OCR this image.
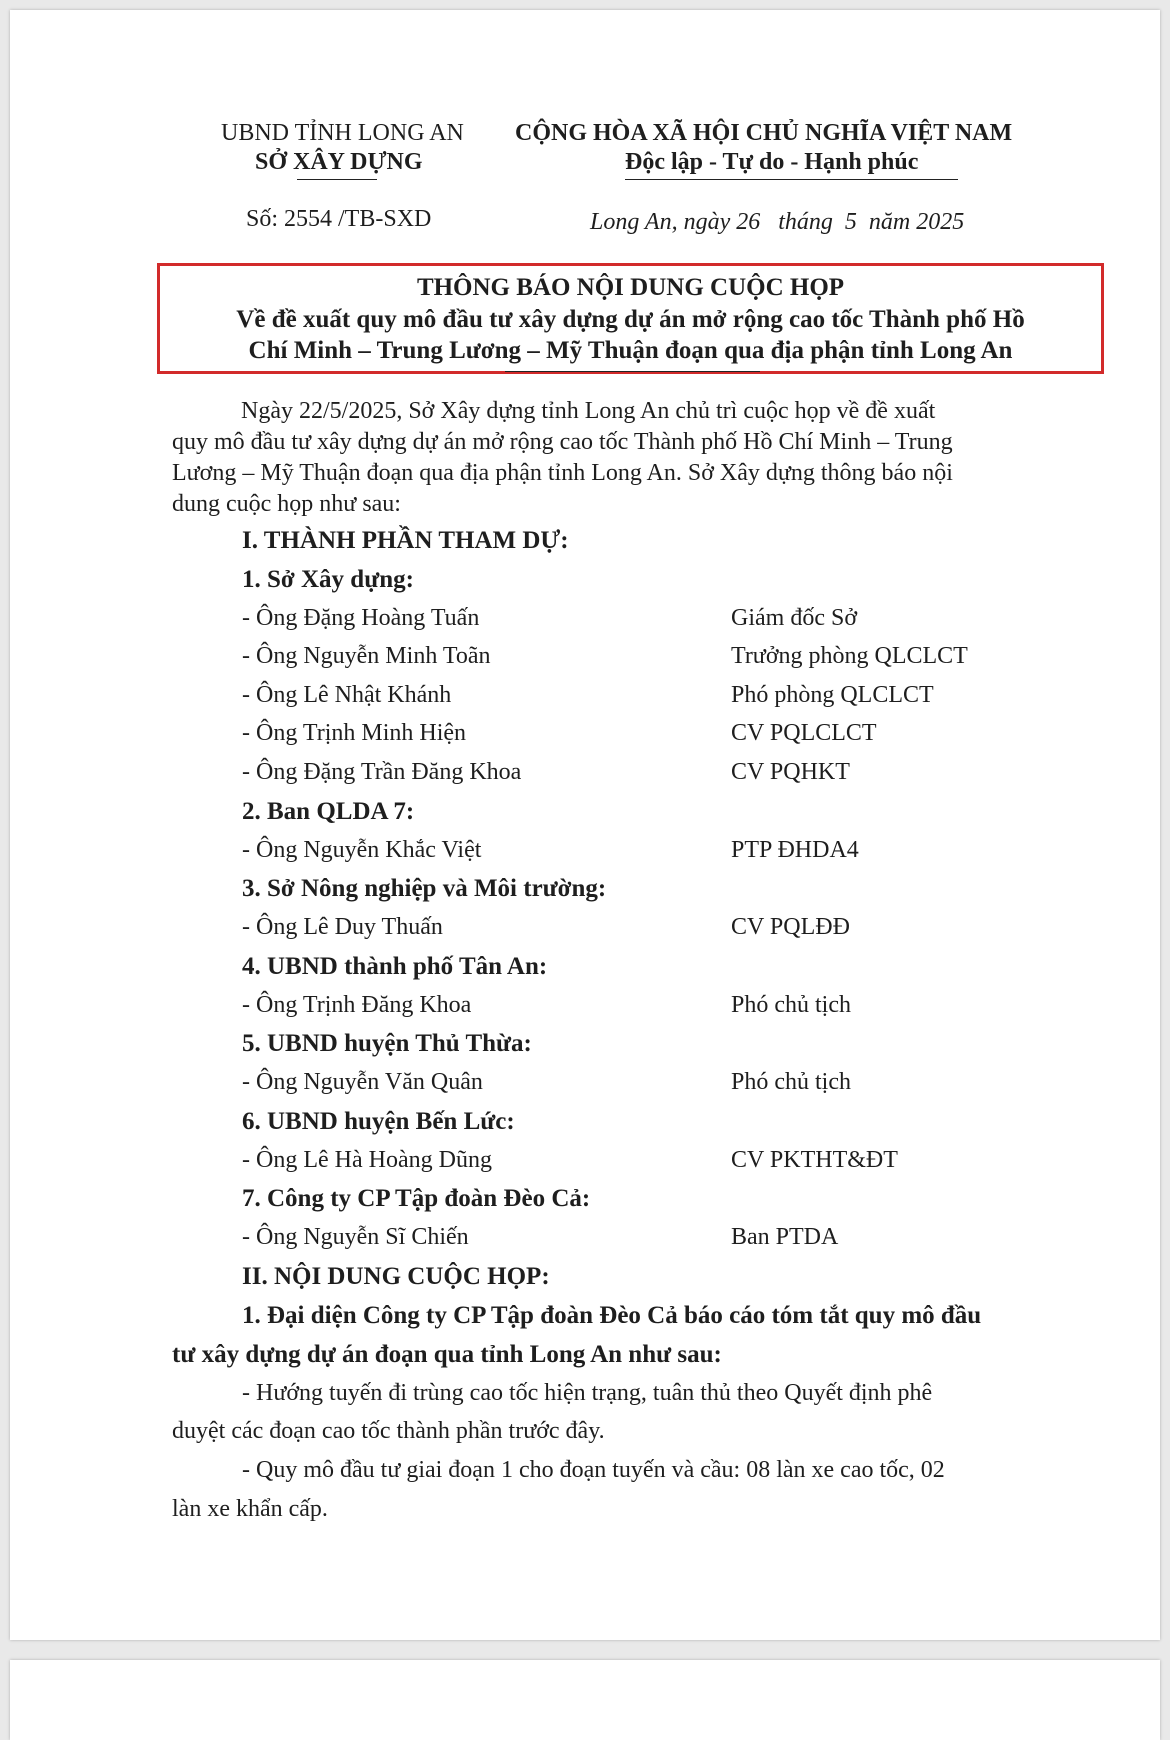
UBND TỈNH LONG AN
SỞ XÂY DỰNG
CỘNG HÒA XÃ HỘI CHỦ NGHĨA VIỆT NAM
Độc lập - Tự do - Hạnh phúc
Số: 2554 /TB-SXD	Long An, ngày 26   tháng  5  năm 2025
THÔNG BÁO NỘI DUNG CUỘC HỌP
Về đề xuất quy mô đầu tư xây dựng dự án mở rộng cao tốc Thành phố Hồ
Chí Minh – Trung Lương – Mỹ Thuận đoạn qua địa phận tỉnh Long An
Ngày 22/5/2025, Sở Xây dựng tỉnh Long An chủ trì cuộc họp về đề xuất
quy mô đầu tư xây dựng dự án mở rộng cao tốc Thành phố Hồ Chí Minh – Trung
Lương – Mỹ Thuận đoạn qua địa phận tỉnh Long An. Sở Xây dựng thông báo nội
dung cuộc họp như sau:
I. THÀNH PHẦN THAM DỰ:
1. Sở Xây dựng:
- Ông Đặng Hoàng Tuấn	Giám đốc Sở
- Ông Nguyễn Minh Toãn	Trưởng phòng QLCLCT
- Ông Lê Nhật Khánh	Phó phòng QLCLCT
- Ông Trịnh Minh Hiện	CV PQLCLCT
- Ông Đặng Trần Đăng Khoa	CV PQHKT
2. Ban QLDA 7:
- Ông Nguyễn Khắc Việt	PTP ĐHDA4
3. Sở Nông nghiệp và Môi trường:
- Ông Lê Duy Thuấn	CV PQLĐĐ
4. UBND thành phố Tân An:
- Ông Trịnh Đăng Khoa	Phó chủ tịch
5. UBND huyện Thủ Thừa:
- Ông Nguyễn Văn Quân	Phó chủ tịch
6. UBND huyện Bến Lức:
- Ông Lê Hà Hoàng Dũng	CV PKTHT&ĐT
7. Công ty CP Tập đoàn Đèo Cả:
- Ông Nguyễn Sĩ Chiến	Ban PTDA
II. NỘI DUNG CUỘC HỌP:
1. Đại diện Công ty CP Tập đoàn Đèo Cả báo cáo tóm tắt quy mô đầu
tư xây dựng dự án đoạn qua tỉnh Long An như sau:
- Hướng tuyến đi trùng cao tốc hiện trạng, tuân thủ theo Quyết định phê
duyệt các đoạn cao tốc thành phần trước đây.
- Quy mô đầu tư giai đoạn 1 cho đoạn tuyến và cầu: 08 làn xe cao tốc, 02
làn xe khẩn cấp.
